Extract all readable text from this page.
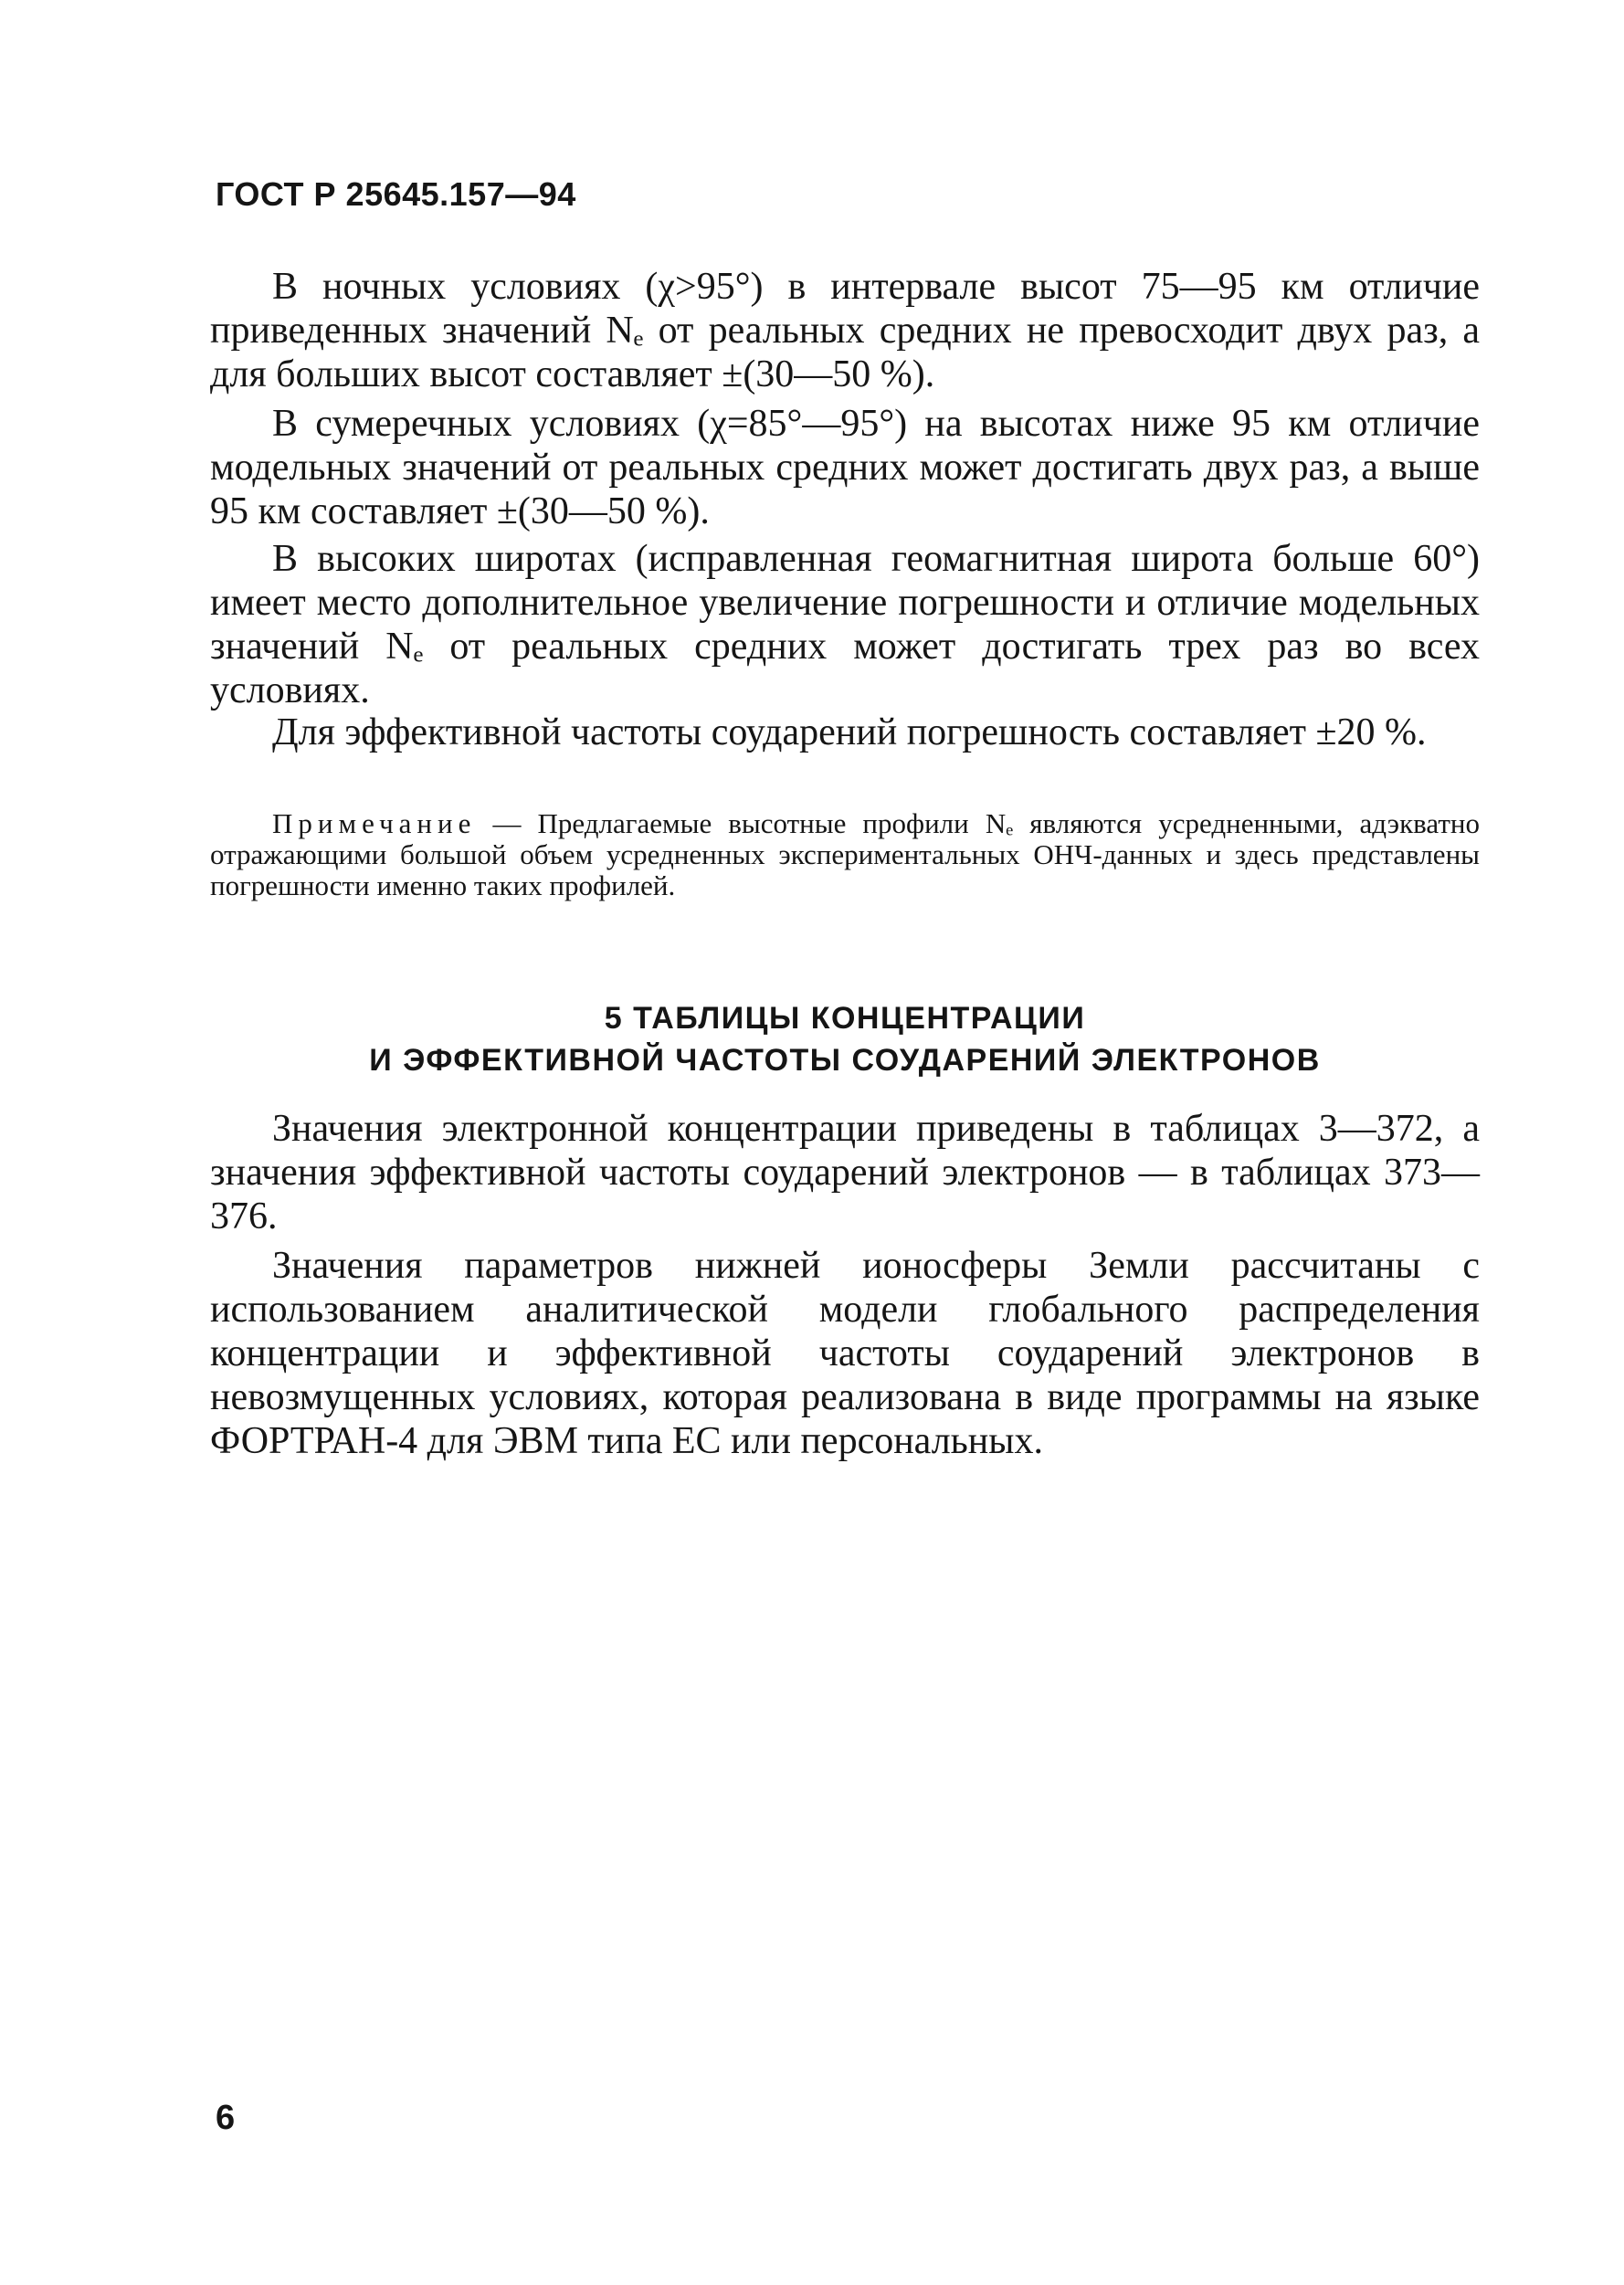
ГОСТ Р 25645.157—94

В ночных условиях (χ>95°) в интервале высот 75—95 км отличие приведенных значений Nₑ от реальных средних не превосходит двух раз, а для больших высот составляет ±(30—50 %).

В сумеречных условиях (χ=85°—95°) на высотах ниже 95 км отличие модельных значений от реальных средних может достигать двух раз, а выше 95 км составляет ±(30—50 %).

В высоких широтах (исправленная геомагнитная широта больше 60°) имеет место дополнительное увеличение погрешности и отличие модельных значений Nₑ от реальных средних может достигать трех раз во всех условиях.

Для эффективной частоты соударений погрешность составляет ±20 %.

Примечание — Предлагаемые высотные профили Nₑ являются усредненными, адэкватно отражающими большой объем усредненных экспериментальных ОНЧ-данных и здесь представлены погрешности именно таких профилей.

5 ТАБЛИЦЫ КОНЦЕНТРАЦИИ
И ЭФФЕКТИВНОЙ ЧАСТОТЫ СОУДАРЕНИЙ ЭЛЕКТРОНОВ

Значения электронной концентрации приведены в таблицах 3—372, а значения эффективной частоты соударений электронов — в таблицах 373—376.

Значения параметров нижней ионосферы Земли рассчитаны с использованием аналитической модели глобального распределения концентрации и эффективной частоты соударений электронов в невозмущенных условиях, которая реализована в виде программы на языке ФОРТРАН-4 для ЭВМ типа ЕС или персональных.

6
